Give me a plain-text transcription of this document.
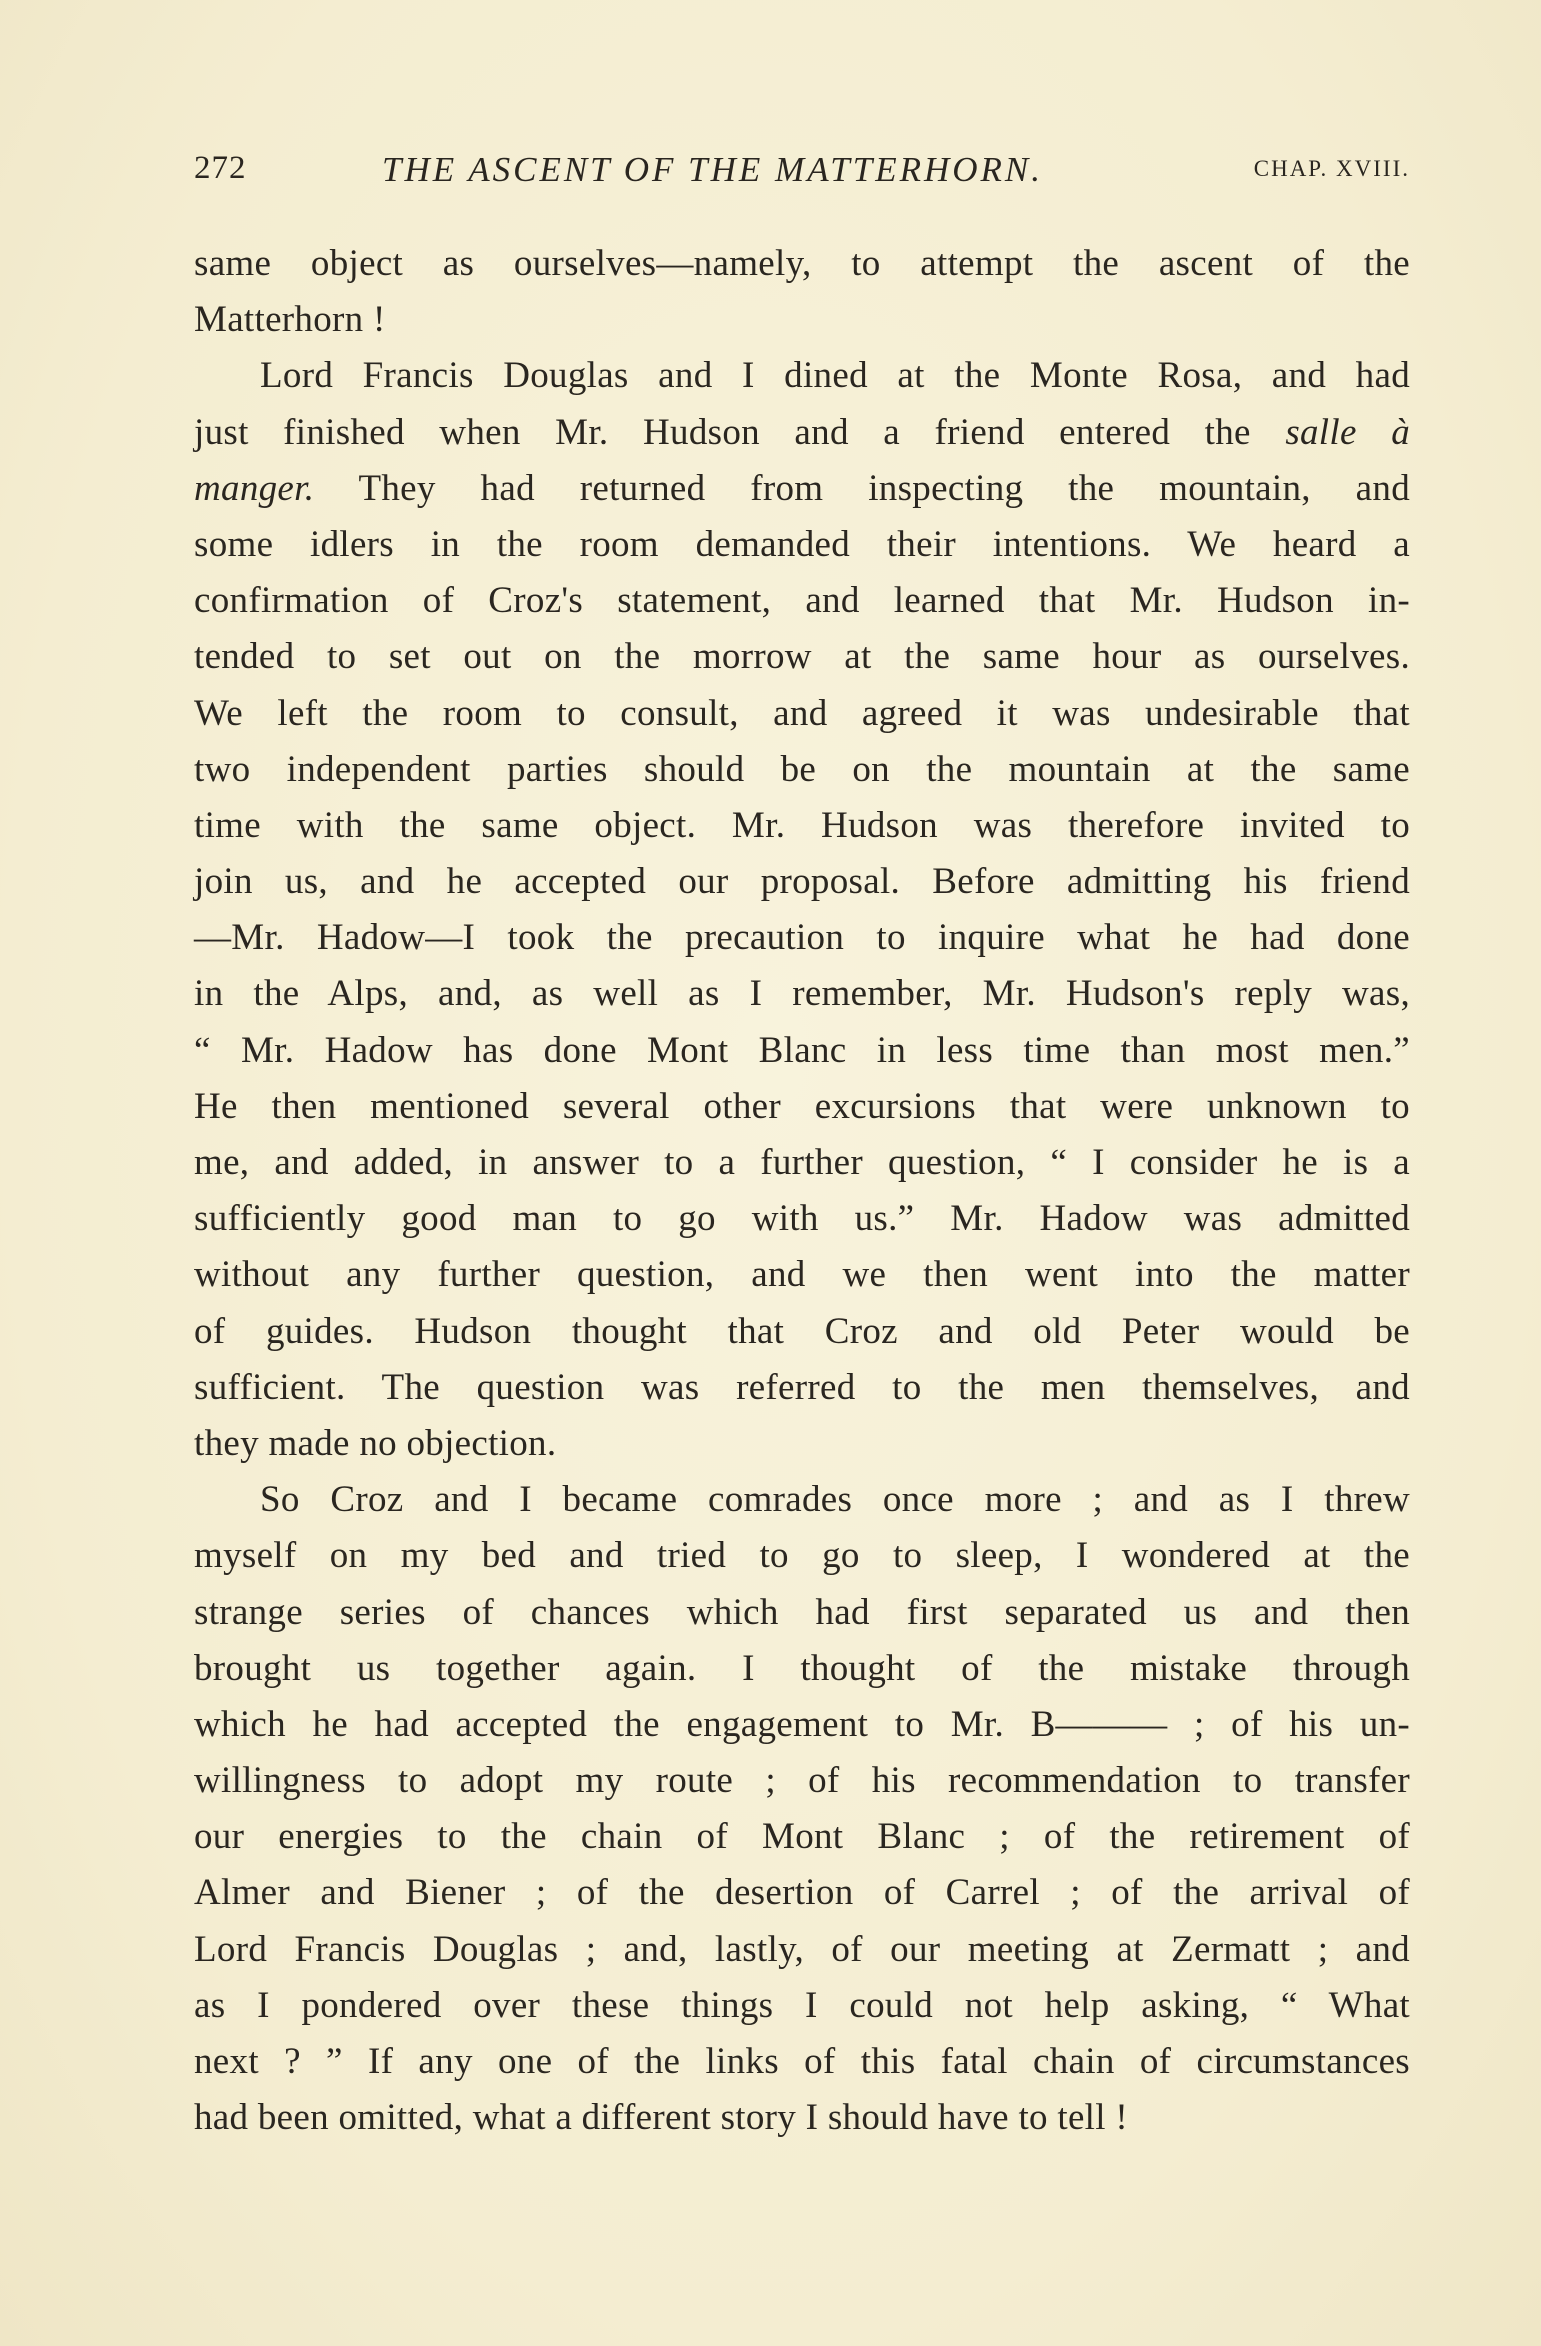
272	THE ASCENT OF THE MATTERHORN.	CHAP. XVIII.
same object as ourselves—namely, to attempt the ascent of the
Matterhorn !
Lord Francis Douglas and I dined at the Monte Rosa, and had
just finished when Mr. Hudson and a friend entered the salle à
manger. They had returned from inspecting the mountain, and
some idlers in the room demanded their intentions. We heard a
confirmation of Croz's statement, and learned that Mr. Hudson in-
tended to set out on the morrow at the same hour as ourselves.
We left the room to consult, and agreed it was undesirable that
two independent parties should be on the mountain at the same
time with the same object. Mr. Hudson was therefore invited to
join us, and he accepted our proposal. Before admitting his friend
—Mr. Hadow—I took the precaution to inquire what he had done
in the Alps, and, as well as I remember, Mr. Hudson's reply was,
“ Mr. Hadow has done Mont Blanc in less time than most men.”
He then mentioned several other excursions that were unknown to
me, and added, in answer to a further question, “ I consider he is a
sufficiently good man to go with us.” Mr. Hadow was admitted
without any further question, and we then went into the matter
of guides. Hudson thought that Croz and old Peter would be
sufficient. The question was referred to the men themselves, and
they made no objection.
So Croz and I became comrades once more ; and as I threw
myself on my bed and tried to go to sleep, I wondered at the
strange series of chances which had first separated us and then
brought us together again. I thought of the mistake through
which he had accepted the engagement to Mr. B——— ; of his un-
willingness to adopt my route ; of his recommendation to transfer
our energies to the chain of Mont Blanc ; of the retirement of
Almer and Biener ; of the desertion of Carrel ; of the arrival of
Lord Francis Douglas ; and, lastly, of our meeting at Zermatt ; and
as I pondered over these things I could not help asking, “ What
next ? ” If any one of the links of this fatal chain of circumstances
had been omitted, what a different story I should have to tell !
